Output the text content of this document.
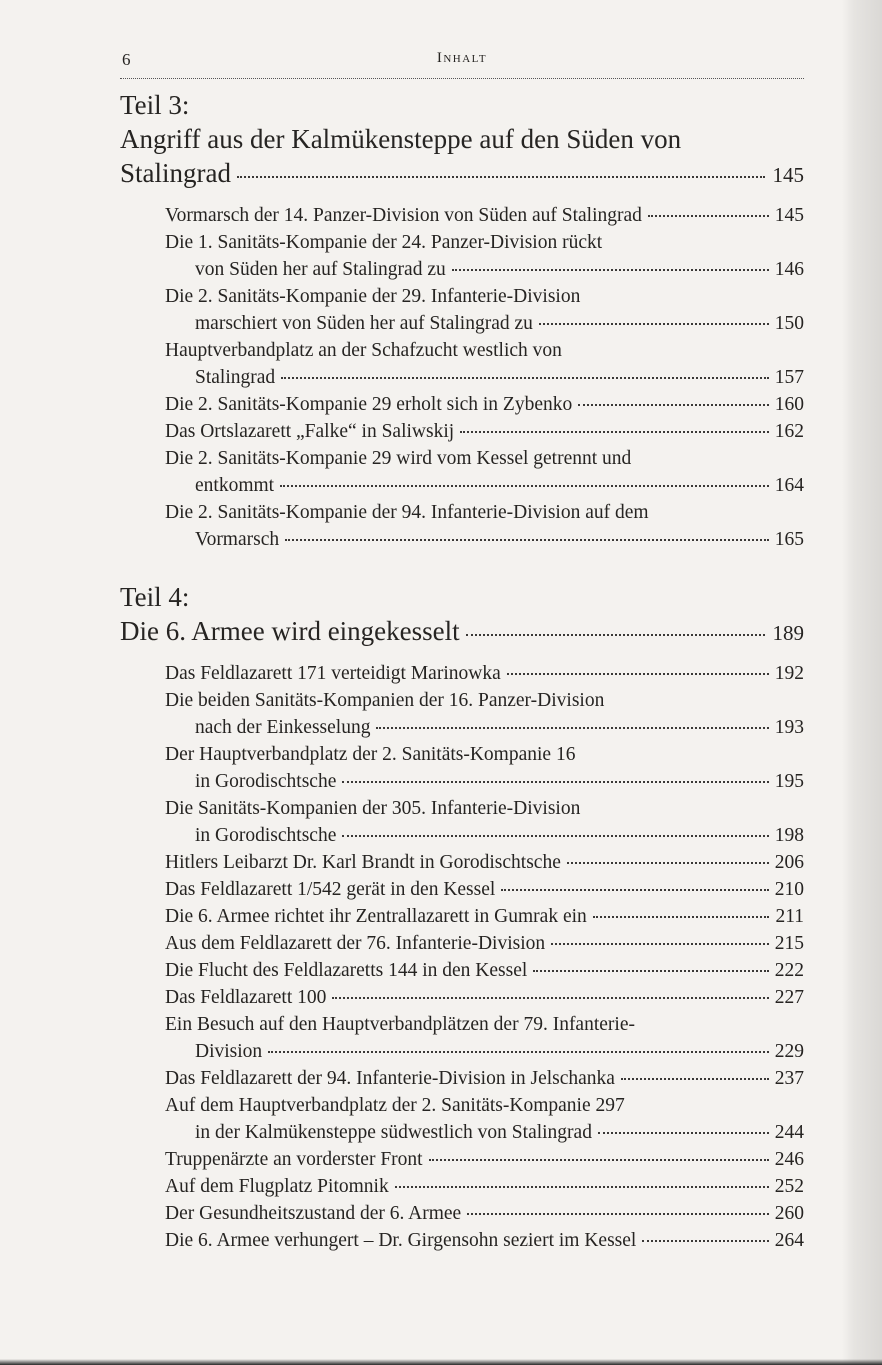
6	Inhalt
Teil 3:
Angriff aus der Kalmükensteppe auf den Süden von
Stalingrad	145
Vormarsch der 14. Panzer-Division von Süden auf Stalingrad	145
Die 1. Sanitäts-Kompanie der 24. Panzer-Division rückt
von Süden her auf Stalingrad zu	146
Die 2. Sanitäts-Kompanie der 29. Infanterie-Division
marschiert von Süden her auf Stalingrad zu	150
Hauptverbandplatz an der Schafzucht westlich von
Stalingrad	157
Die 2. Sanitäts-Kompanie 29 erholt sich in Zybenko	160
Das Ortslazarett „Falke“ in Saliwskij	162
Die 2. Sanitäts-Kompanie 29 wird vom Kessel getrennt und
entkommt	164
Die 2. Sanitäts-Kompanie der 94. Infanterie-Division auf dem
Vormarsch	165
Teil 4:
Die 6. Armee wird eingekesselt	189
Das Feldlazarett 171 verteidigt Marinowka	192
Die beiden Sanitäts-Kompanien der 16. Panzer-Division
nach der Einkesselung	193
Der Hauptverbandplatz der 2. Sanitäts-Kompanie 16
in Gorodischtsche	195
Die Sanitäts-Kompanien der 305. Infanterie-Division
in Gorodischtsche	198
Hitlers Leibarzt Dr. Karl Brandt in Gorodischtsche	206
Das Feldlazarett 1/542 gerät in den Kessel	210
Die 6. Armee richtet ihr Zentrallazarett in Gumrak ein	211
Aus dem Feldlazarett der 76. Infanterie-Division	215
Die Flucht des Feldlazaretts 144 in den Kessel	222
Das Feldlazarett 100	227
Ein Besuch auf den Hauptverbandplätzen der 79. Infanterie-
Division	229
Das Feldlazarett der 94. Infanterie-Division in Jelschanka	237
Auf dem Hauptverbandplatz der 2. Sanitäts-Kompanie 297
in der Kalmükensteppe südwestlich von Stalingrad	244
Truppenärzte an vorderster Front	246
Auf dem Flugplatz Pitomnik	252
Der Gesundheitszustand der 6. Armee	260
Die 6. Armee verhungert – Dr. Girgensohn seziert im Kessel	264
